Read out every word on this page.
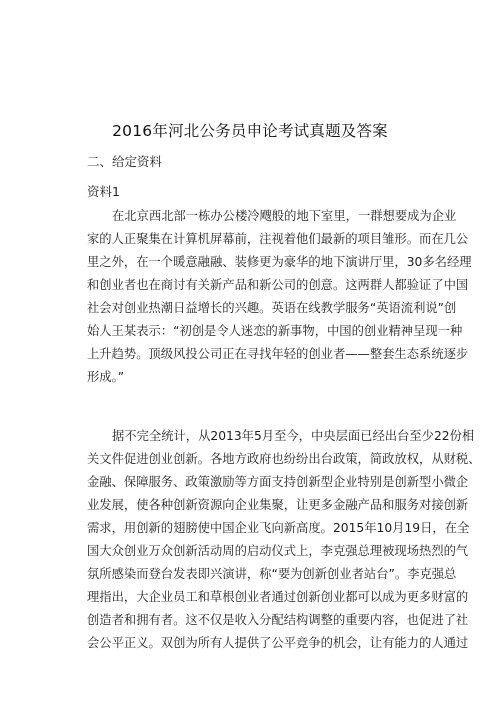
2016年河北公务员申论考试真题及答案
二、给定资料
资料1
在北京西北部一栋办公楼冷飕般的地下室里，一群想要成为企业
家的人正聚集在计算机屏幕前，注视着他们最新的项目雏形。而在几公
里之外，在一个暖意融融、装修更为豪华的地下演讲厅里，30多名经理
和创业者也在商讨有关新产品和新公司的创意。这两群人都验证了中国
社会对创业热潮日益增长的兴趣。英语在线教学服务“英语流利说”创
始人王某表示：“初创是令人迷恋的新事物，中国的创业精神呈现一种
上升趋势。顶级风投公司正在寻找年轻的创业者——整套生态系统逐步
形成。”
据不完全统计，从2013年5月至今，中央层面已经出台至少22份相
关文件促进创业创新。各地方政府也纷纷出台政策，简政放权，从财税、
金融、保障服务、政策激励等方面支持创新型企业特别是创新型小微企
业发展，使各种创新资源向企业集聚，让更多金融产品和服务对接创新
需求，用创新的翅膀使中国企业飞向新高度。2015年10月19日，在全
国大众创业万众创新活动周的启动仪式上，李克强总理被现场热烈的气
氛所感染而登台发表即兴演讲，称“要为创新创业者站台”。李克强总
理指出，大企业员工和草根创业者通过创新创业都可以成为更多财富的
创造者和拥有者。这不仅是收入分配结构调整的重要内容，也促进了社
会公平正义。双创为所有人提供了公平竞争的机会，让有能力的人通过
